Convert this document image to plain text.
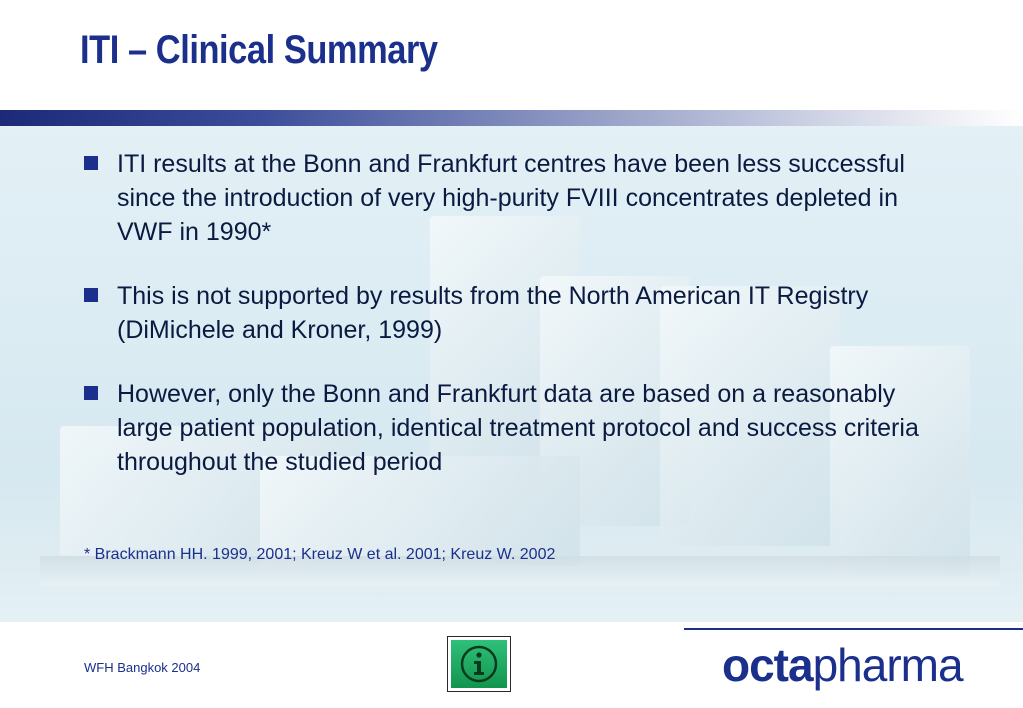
ITI – Clinical Summary
ITI results at the Bonn and Frankfurt centres have been less successful since the introduction of very high-purity FVIII concentrates depleted in VWF in 1990*
This is not supported by results from the North American IT Registry (DiMichele and Kroner, 1999)
However, only the Bonn and Frankfurt data are based on a reasonably large patient population, identical treatment protocol and success criteria throughout the studied period
* Brackmann HH. 1999, 2001; Kreuz W et al. 2001; Kreuz W. 2002
WFH Bangkok 2004	octapharma
